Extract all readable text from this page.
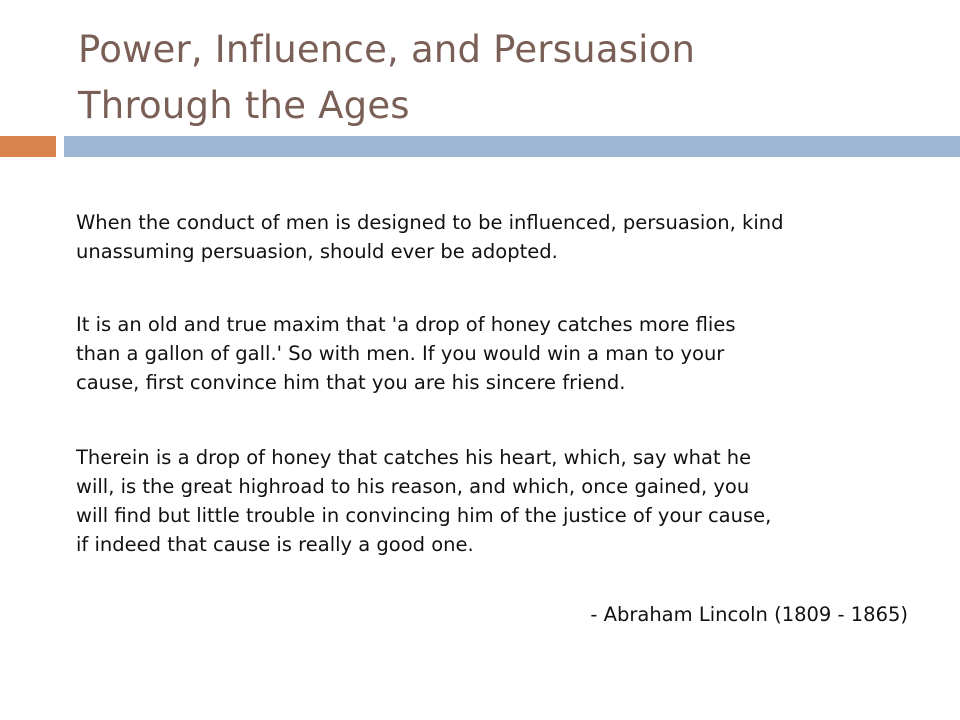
Power, Influence, and Persuasion
Through the Ages

When the conduct of men is designed to be influenced, persuasion, kind
unassuming persuasion, should ever be adopted.

It is an old and true maxim that 'a drop of honey catches more flies
than a gallon of gall.' So with men. If you would win a man to your
cause, first convince him that you are his sincere friend.

Therein is a drop of honey that catches his heart, which, say what he
will, is the great highroad to his reason, and which, once gained, you
will find but little trouble in convincing him of the justice of your cause,
if indeed that cause is really a good one.

- Abraham Lincoln (1809 - 1865)
